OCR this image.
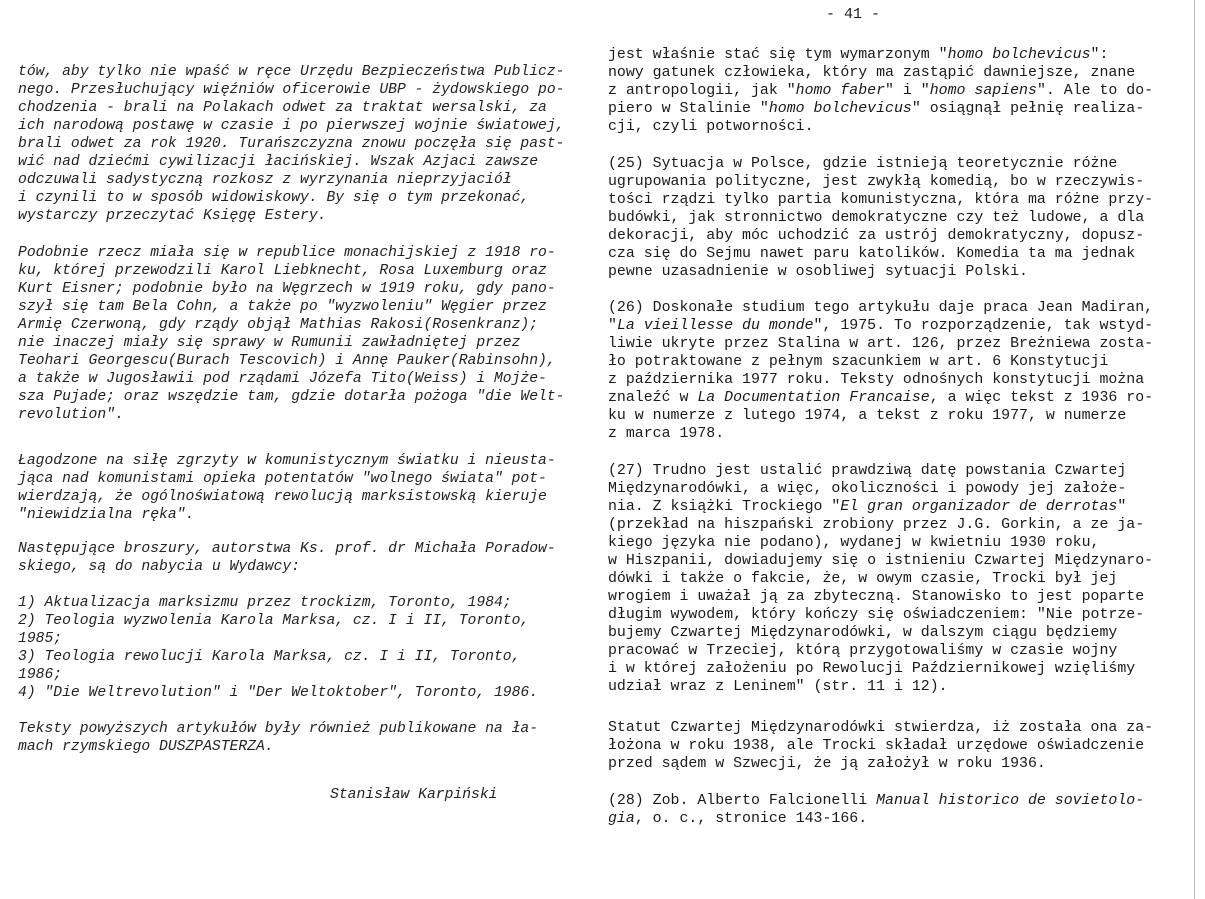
- 41 -
tów, aby tylko nie wpaść w ręce Urzędu Bezpieczeństwa Publicz-
nego. Przesłuchujący więźniów oficerowie UBP - żydowskiego po-
chodzenia - brali na Polakach odwet za traktat wersalski, za
ich narodową postawę w czasie i po pierwszej wojnie światowej,
brali odwet za rok 1920. Turańszczyzna znowu poczęła się past-
wić nad dziećmi cywilizacji łacińskiej. Wszak Azjaci zawsze
odczuwali sadystyczną rozkosz z wyrzynania nieprzyjaciół
i czynili to w sposób widowiskowy. By się o tym przekonać,
wystarczy przeczytać Księgę Estery.
Podobnie rzecz miała się w republice monachijskiej z 1918 ro-
ku, której przewodzili Karol Liebknecht, Rosa Luxemburg oraz
Kurt Eisner; podobnie było na Węgrzech w 1919 roku, gdy pano-
szył się tam Bela Cohn, a także po "wyzwoleniu" Węgier przez
Armię Czerwoną, gdy rządy objął Mathias Rakosi(Rosenkranz);
nie inaczej miały się sprawy w Rumunii zawładniętej przez
Teohari Georgescu(Burach Tescovich) i Annę Pauker(Rabinsohn),
a także w Jugosławii pod rządami Józefa Tito(Weiss) i Mojże-
sza Pujade; oraz wszędzie tam, gdzie dotarła pożoga "die Welt-
revolution".
Łagodzone na siłę zgrzyty w komunistycznym światku i nieusta-
jąca nad komunistami opieka potentatów "wolnego świata" pot-
wierdzają, że ogólnoświatową rewolucją marksistowską kieruje
"niewidzialna ręka".
Następujące broszury, autorstwa Ks. prof. dr Michała Poradow-
skiego, są do nabycia u Wydawcy:
1) Aktualizacja marksizmu przez trockizm, Toronto, 1984;
2) Teologia wyzwolenia Karola Marksa, cz. I i II, Toronto,
1985;
3) Teologia rewolucji Karola Marksa, cz. I i II, Toronto,
1986;
4) "Die Weltrevolution" i "Der Weltoktober", Toronto, 1986.
Teksty powyższych artykułów były również publikowane na ła-
mach rzymskiego DUSZPASTERZA.
Stanisław Karpiński
jest właśnie stać się tym wymarzonym "homo bolchevicus":
nowy gatunek człowieka, który ma zastąpić dawniejsze, znane
z antropologii, jak "homo faber" i "homo sapiens". Ale to do-
piero w Stalinie "homo bolchevicus" osiągnął pełnię realiza-
cji, czyli potworności.
(25) Sytuacja w Polsce, gdzie istnieją teoretycznie różne
ugrupowania polityczne, jest zwykłą komedią, bo w rzeczywis-
tości rządzi tylko partia komunistyczna, która ma różne przy-
budówki, jak stronnictwo demokratyczne czy też ludowe, a dla
dekoracji, aby móc uchodzić za ustrój demokratyczny, dopusz-
cza się do Sejmu nawet paru katolików. Komedia ta ma jednak
pewne uzasadnienie w osobliwej sytuacji Polski.
(26) Doskonałe studium tego artykułu daje praca Jean Madiran,
"La vieillesse du monde", 1975. To rozporządzenie, tak wstyd-
liwie ukryte przez Stalina w art. 126, przez Breżniewa zosta-
ło potraktowane z pełnym szacunkiem w art. 6 Konstytucji
z października 1977 roku. Teksty odnośnych konstytucji można
znaleźć w La Documentation Francaise, a więc tekst z 1936 ro-
ku w numerze z lutego 1974, a tekst z roku 1977, w numerze
z marca 1978.
(27) Trudno jest ustalić prawdziwą datę powstania Czwartej
Międzynarodówki, a więc, okoliczności i powody jej założe-
nia. Z książki Trockiego "El gran organizador de derrotas"
(przekład na hiszpański zrobiony przez J.G. Gorkin, a ze ja-
kiego języka nie podano), wydanej w kwietniu 1930 roku,
w Hiszpanii, dowiadujemy się o istnieniu Czwartej Międzynaro-
dówki i także o fakcie, że, w owym czasie, Trocki był jej
wrogiem i uważał ją za zbyteczną. Stanowisko to jest poparte
długim wywodem, który kończy się oświadczeniem: "Nie potrze-
bujemy Czwartej Międzynarodówki, w dalszym ciągu będziemy
pracować w Trzeciej, którą przygotowaliśmy w czasie wojny
i w której założeniu po Rewolucji Październikowej wzięliśmy
udział wraz z Leninem" (str. 11 i 12).
Statut Czwartej Międzynarodówki stwierdza, iż została ona za-
łożona w roku 1938, ale Trocki składał urzędowe oświadczenie
przed sądem w Szwecji, że ją założył w roku 1936.
(28) Zob. Alberto Falcionelli Manual historico de sovietolo-
gia, o. c., stronice 143-166.
